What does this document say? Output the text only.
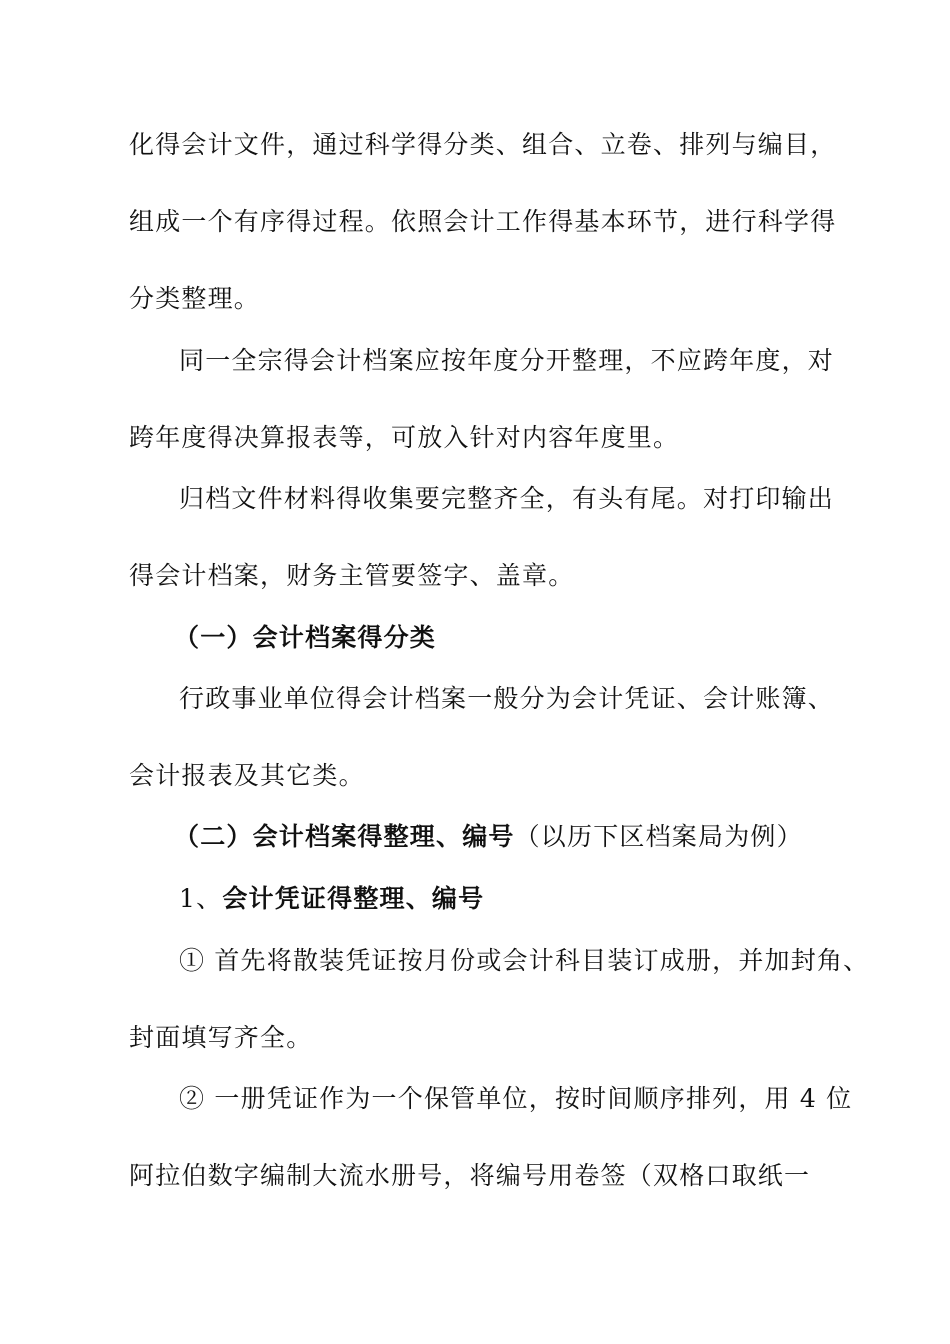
化得会计文件，通过科学得分类、组合、立卷、排列与编目，
组成一个有序得过程。依照会计工作得基本环节，进行科学得
分类整理。
同一全宗得会计档案应按年度分开整理，不应跨年度，对
跨年度得决算报表等，可放入针对内容年度里。
归档文件材料得收集要完整齐全，有头有尾。对打印输出
得会计档案，财务主管要签字、盖章。
（一）会计档案得分类
行政事业单位得会计档案一般分为会计凭证、会计账簿、
会计报表及其它类。
（二）会计档案得整理、编号（以历下区档案局为例）
1、会计凭证得整理、编号
① 首先将散装凭证按月份或会计科目装订成册，并加封角、
封面填写齐全。
② 一册凭证作为一个保管单位，按时间顺序排列，用 4 位
阿拉伯数字编制大流水册号，将编号用卷签（双格口取纸一
